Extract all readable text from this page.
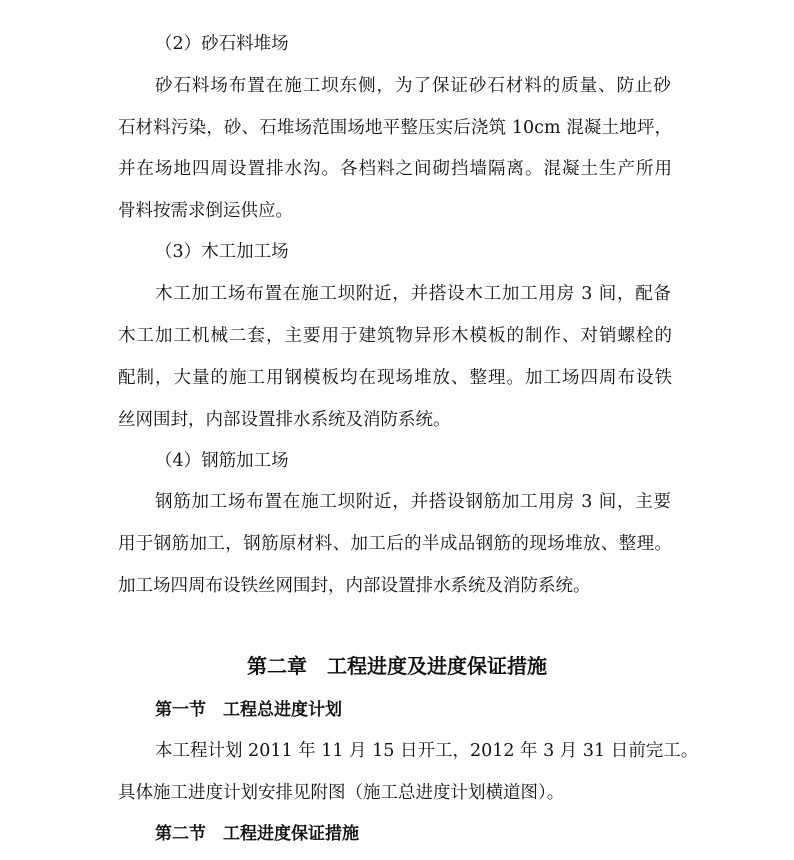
（2）砂石料堆场
砂石料场布置在施工坝东侧，为了保证砂石材料的质量、防止砂
石材料污染，砂、石堆场范围场地平整压实后浇筑 10cm 混凝土地坪，
并在场地四周设置排水沟。各档料之间砌挡墙隔离。混凝土生产所用
骨料按需求倒运供应。
（3）木工加工场
木工加工场布置在施工坝附近，并搭设木工加工用房 3 间，配备
木工加工机械二套，主要用于建筑物异形木模板的制作、对销螺栓的
配制，大量的施工用钢模板均在现场堆放、整理。加工场四周布设铁
丝网围封，内部设置排水系统及消防系统。
（4）钢筋加工场
钢筋加工场布置在施工坝附近，并搭设钢筋加工用房 3 间，主要
用于钢筋加工，钢筋原材料、加工后的半成品钢筋的现场堆放、整理。
加工场四周布设铁丝网围封，内部设置排水系统及消防系统。
第二章　工程进度及进度保证措施
第一节　工程总进度计划
本工程计划 2011 年 11 月 15 日开工，2012 年 3 月 31 日前完工。
具体施工进度计划安排见附图（施工总进度计划横道图）。
第二节　工程进度保证措施
